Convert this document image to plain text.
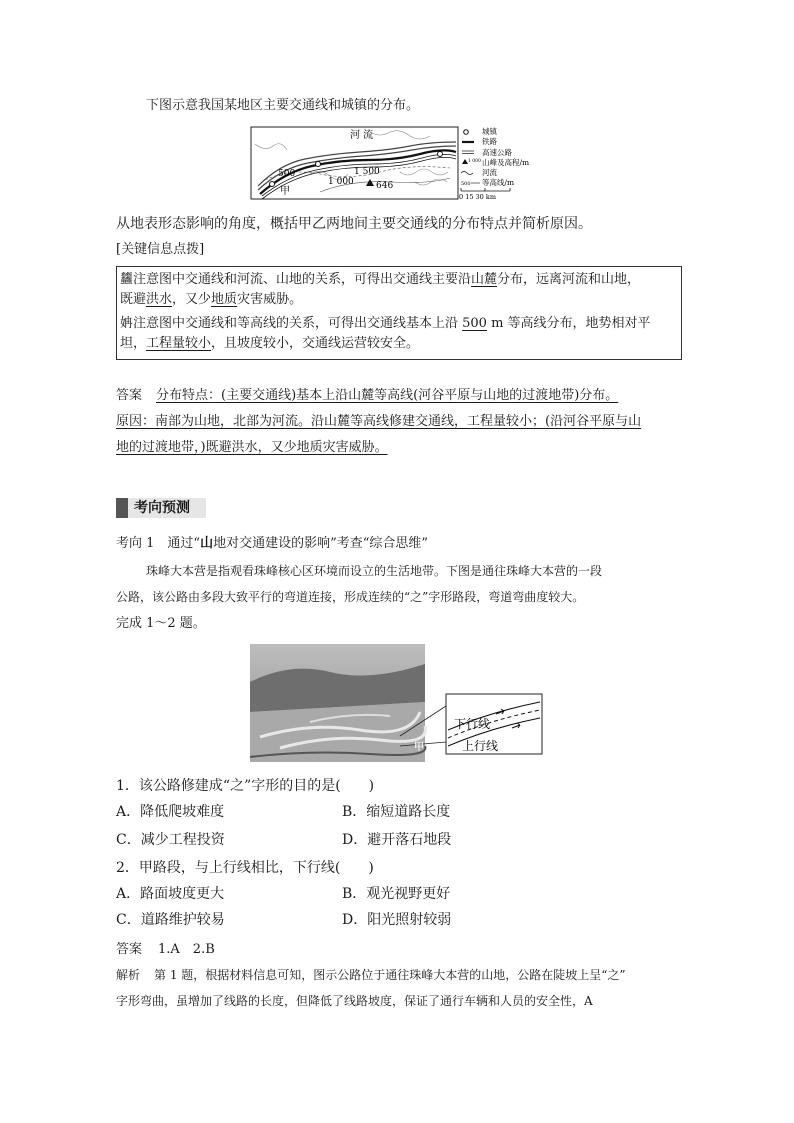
下图示意我国某地区主要交通线和城镇的分布。
河 流
500
1 000
1 500
646
甲
城镇
铁路
高速公路
1 000 山峰及高程/m
河流
500 等高线/m
0 15 30 km
从地表形态影响的角度，概括甲乙两地间主要交通线的分布特点并简析原因。
[关键信息点拨]
蠿注意图中交通线和河流、山地的关系，可得出交通线主要沿山麓分布，远离河流和山地，
既避洪水，又少地质灾害威胁。
姌注意图中交通线和等高线的关系，可得出交通线基本上沿 500 m 等高线分布，地势相对平
坦，工程量较小，且坡度较小，交通线运营较安全。
答案 分布特点：(主要交通线)基本上沿山麓等高线(河谷平原与山地的过渡地带)分布。
原因：南部为山地，北部为河流。沿山麓等高线修建交通线，工程量较小；(沿河谷平原与山
地的过渡地带，)既避洪水，又少地质灾害威胁。
考向预测
考向 1　通过“山地对交通建设的影响”考查“综合思维”
珠峰大本营是指观看珠峰核心区环境而设立的生活地带。下图是通往珠峰大本营的一段
公路，该公路由多段大致平行的弯道连接，形成连续的“之”字形路段，弯道弯曲度较大。
完成 1～2 题。
下行线
上行线
甲
1．该公路修建成“之”字形的目的是(　　)
A．降低爬坡难度	B．缩短道路长度
C．减少工程投资	D．避开落石地段
2．甲路段，与上行线相比，下行线(　　)
A．路面坡度更大	B．观光视野更好
C．道路维护较易	D．阳光照射较弱
答案 1.A　2.B
解析 第 1 题，根据材料信息可知，图示公路位于通往珠峰大本营的山地，公路在陡坡上呈“之”
字形弯曲，虽增加了线路的长度，但降低了线路坡度，保证了通行车辆和人员的安全性，A
